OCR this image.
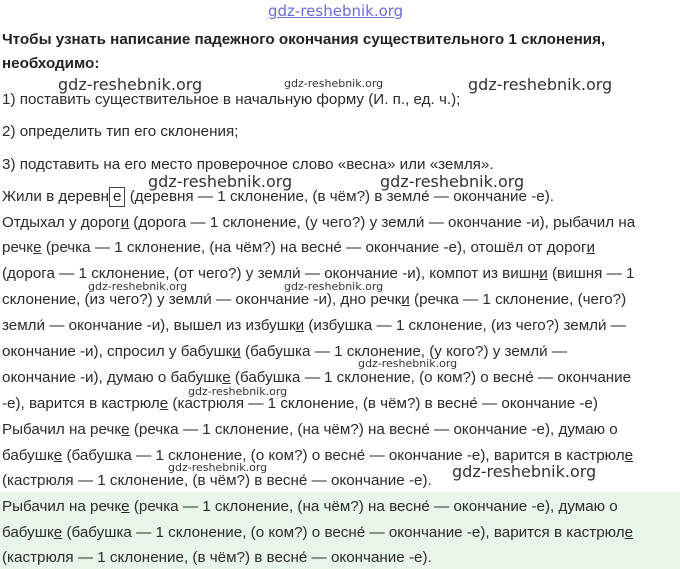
gdz-reshebnik.org
Чтобы узнать написание падежного окончания существительного 1 склонения,
необходимо:
1) поставить существительное в начальную форму (И. п., ед. ч.);
2) определить тип его склонения;
3) подставить на его место проверочное слово «весна» или «земля».
Жили в деревн е (деревня — 1 склонение, (в чём?) в земле́ — окончание -е).
Отдыхал у дороги (дорога — 1 склонение, (у чего?) у земли́ — окончание -и), рыбачил на
речке (речка — 1 склонение, (на чём?) на весне́ — окончание -е), отошёл от дороги
(дорога — 1 склонение, (от чего?) у земли́ — окончание -и), компот из вишни (вишня — 1
склонение, (из чего?) у земли́ — окончание -и), дно речки (речка — 1 склонение, (чего?)
земли́ — окончание -и), вышел из избушки (избушка — 1 склонение, (из чего?) земли́ —
окончание -и), спросил у бабушки (бабушка — 1 склонение, (у кого?) у земли́ —
окончание -и), думаю о бабушке (бабушка — 1 склонение, (о ком?) о весне́ — окончание
-е), варится в кастрюле (кастрюля — 1 склонение, (в чём?) в весне́ — окончание -е)
Рыбачил на речке (речка — 1 склонение, (на чём?) на весне́ — окончание -е), думаю о
бабушке (бабушка — 1 склонение, (о ком?) о весне́ — окончание -е), варится в кастрюле
(кастрюля — 1 склонение, (в чём?) в весне́ — окончание -е).
Рыбачил на речке (речка — 1 склонение, (на чём?) на весне́ — окончание -е), думаю о
бабушке (бабушка — 1 склонение, (о ком?) о весне́ — окончание -е), варится в кастрюле
(кастрюля — 1 склонение, (в чём?) в весне́ — окончание -е).
gdz-reshebnik.org	gdz-reshebnik.org	gdz-reshebnik.org
gdz-reshebnik.org	gdz-reshebnik.org
gdz-reshebnik.org	gdz-reshebnik.org
gdz-reshebnik.org
gdz-reshebnik.org
gdz-reshebnik.org	gdz-reshebnik.org
